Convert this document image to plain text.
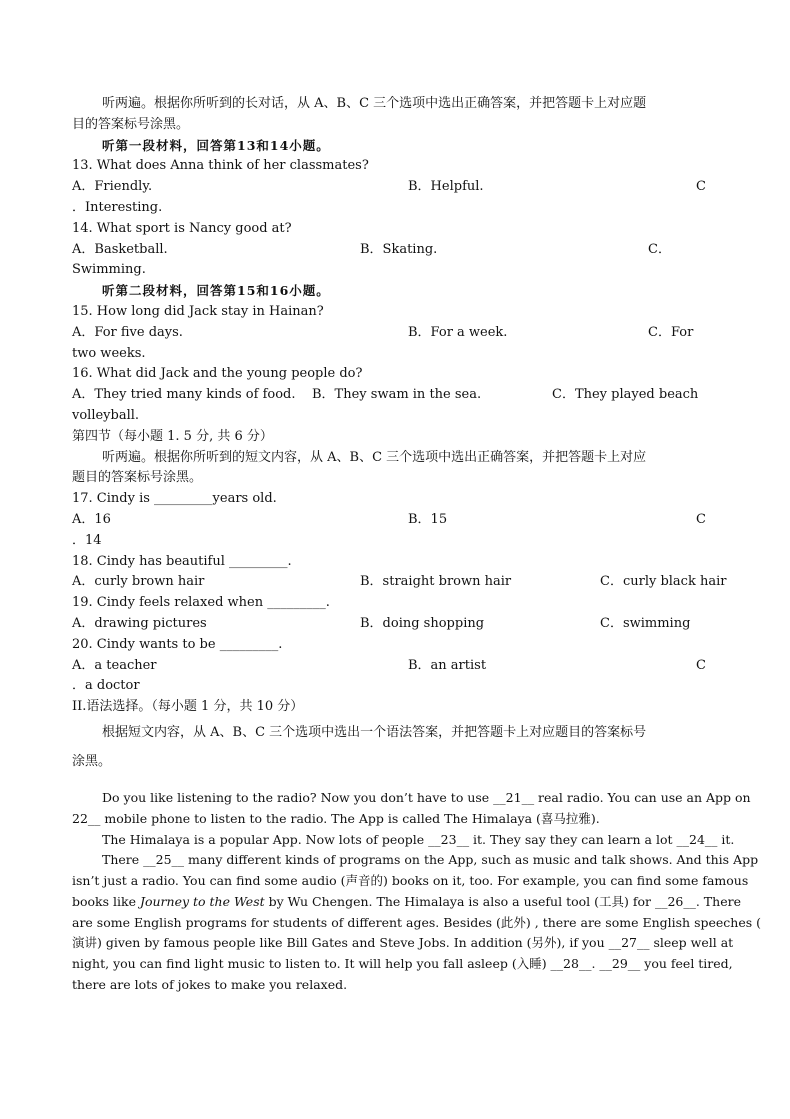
听两遍。根据你所听到的长对话，从 A、B、C 三个选项中选出正确答案，并把答题卡上对应题
目的答案标号涂黑。
听第一段材料，回答第13和14小题。
13. What does Anna think of her classmates?
A．Friendly.	B．Helpful.	C
．Interesting.
14. What sport is Nancy good at?
A．Basketball.	B．Skating.	C．
Swimming.
听第二段材料，回答第15和16小题。
15. How long did Jack stay in Hainan?
A．For five days.	B．For a week.	C．For
two weeks.
16. What did Jack and the young people do?
A．They tried many kinds of food. B．They swam in the sea.	C．They played beach
volleyball.
第四节（每小题 1. 5 分, 共 6 分）
听两遍。根据你所听到的短文内容，从 A、B、C 三个选项中选出正确答案，并把答题卡上对应
题目的答案标号涂黑。
17. Cindy is _________years old.
A．16	B．15	C
．14
18. Cindy has beautiful _________.
A．curly brown hair	B．straight brown hair	C．curly black hair
19. Cindy feels relaxed when _________.
A．drawing pictures	B．doing shopping	C．swimming
20. Cindy wants to be _________.
A．a teacher	B．an artist	C
．a doctor
II.语法选择。（每小题 1 分，共 10 分）
根据短文内容，从 A、B、C 三个选项中选出一个语法答案，并把答题卡上对应题目的答案标号
涂黑。
Do you like listening to the radio? Now you don’t have to use __21__ real radio. You can use an App on
22__ mobile phone to listen to the radio. The App is called The Himalaya (喜马拉雅).
The Himalaya is a popular App. Now lots of people __23__ it. They say they can learn a lot __24__ it.
There __25__ many different kinds of programs on the App, such as music and talk shows. And this App
isn’t just a radio. You can find some audio (声音的) books on it, too. For example, you can find some famous
books like Journey to the West by Wu Chengen. The Himalaya is also a useful tool (工具) for __26__. There
are some English programs for students of different ages. Besides (此外) , there are some English speeches (
演讲) given by famous people like Bill Gates and Steve Jobs. In addition (另外), if you __27__ sleep well at
night, you can find light music to listen to. It will help you fall asleep (入睡) __28__. __29__ you feel tired,
there are lots of jokes to make you relaxed.
